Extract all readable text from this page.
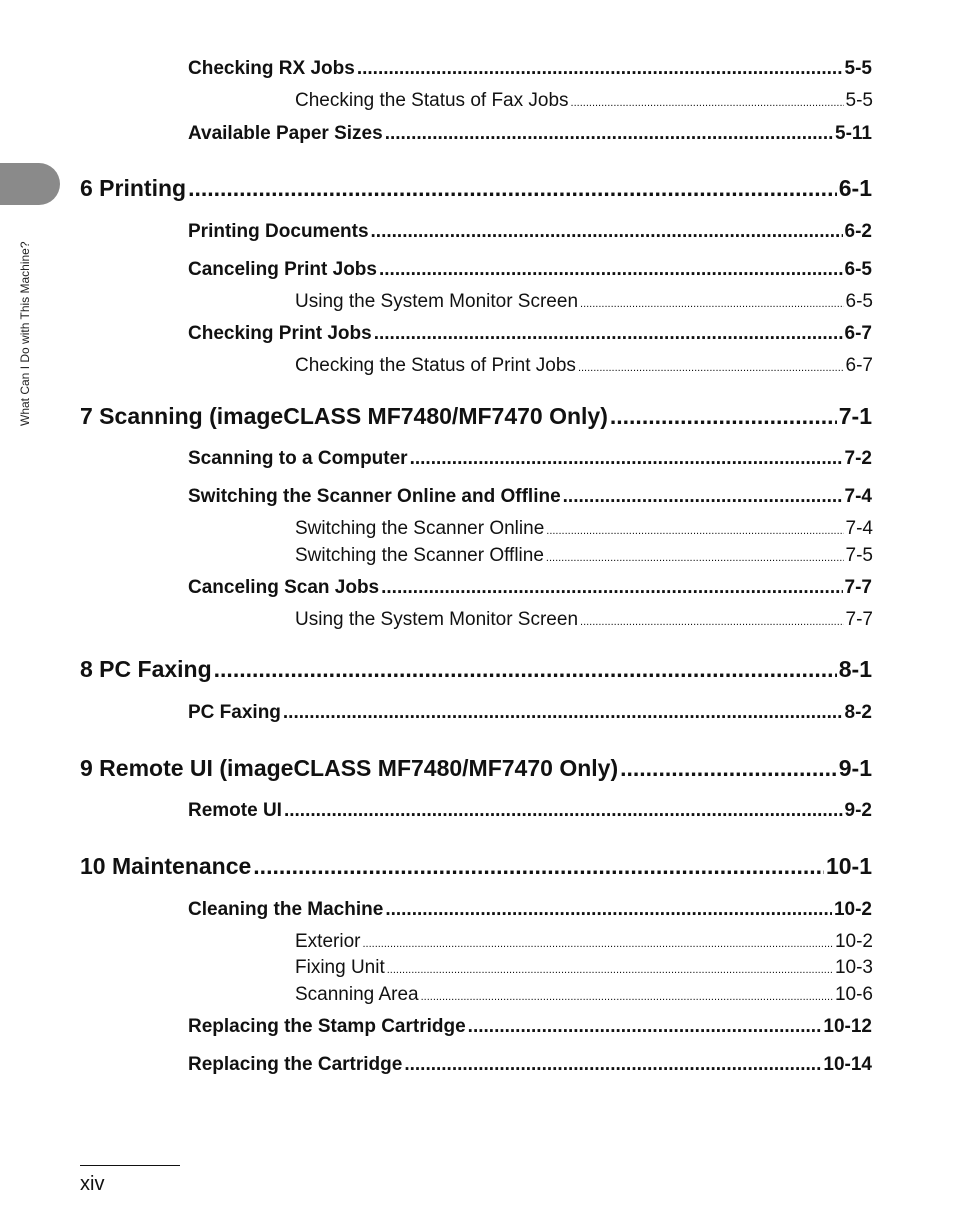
What Can I Do with This Machine?
Checking RX Jobs .....	5-5
Checking the Status of Fax Jobs .....	5-5
Available Paper Sizes .....	5-11
6 Printing .....	6-1
Printing Documents .....	6-2
Canceling Print Jobs .....	6-5
Using the System Monitor Screen .....	6-5
Checking Print Jobs .....	6-7
Checking the Status of Print Jobs .....	6-7
7 Scanning (imageCLASS MF7480/MF7470 Only) .....	7-1
Scanning to a Computer .....	7-2
Switching the Scanner Online and Offline .....	7-4
Switching the Scanner Online .....	7-4
Switching the Scanner Offline .....	7-5
Canceling Scan Jobs .....	7-7
Using the System Monitor Screen .....	7-7
8 PC Faxing .....	8-1
PC Faxing .....	8-2
9 Remote UI (imageCLASS MF7480/MF7470 Only) .....	9-1
Remote UI .....	9-2
10 Maintenance .....	10-1
Cleaning the Machine .....	10-2
Exterior .....	10-2
Fixing Unit .....	10-3
Scanning Area .....	10-6
Replacing the Stamp Cartridge .....	10-12
Replacing the Cartridge .....	10-14
xiv
